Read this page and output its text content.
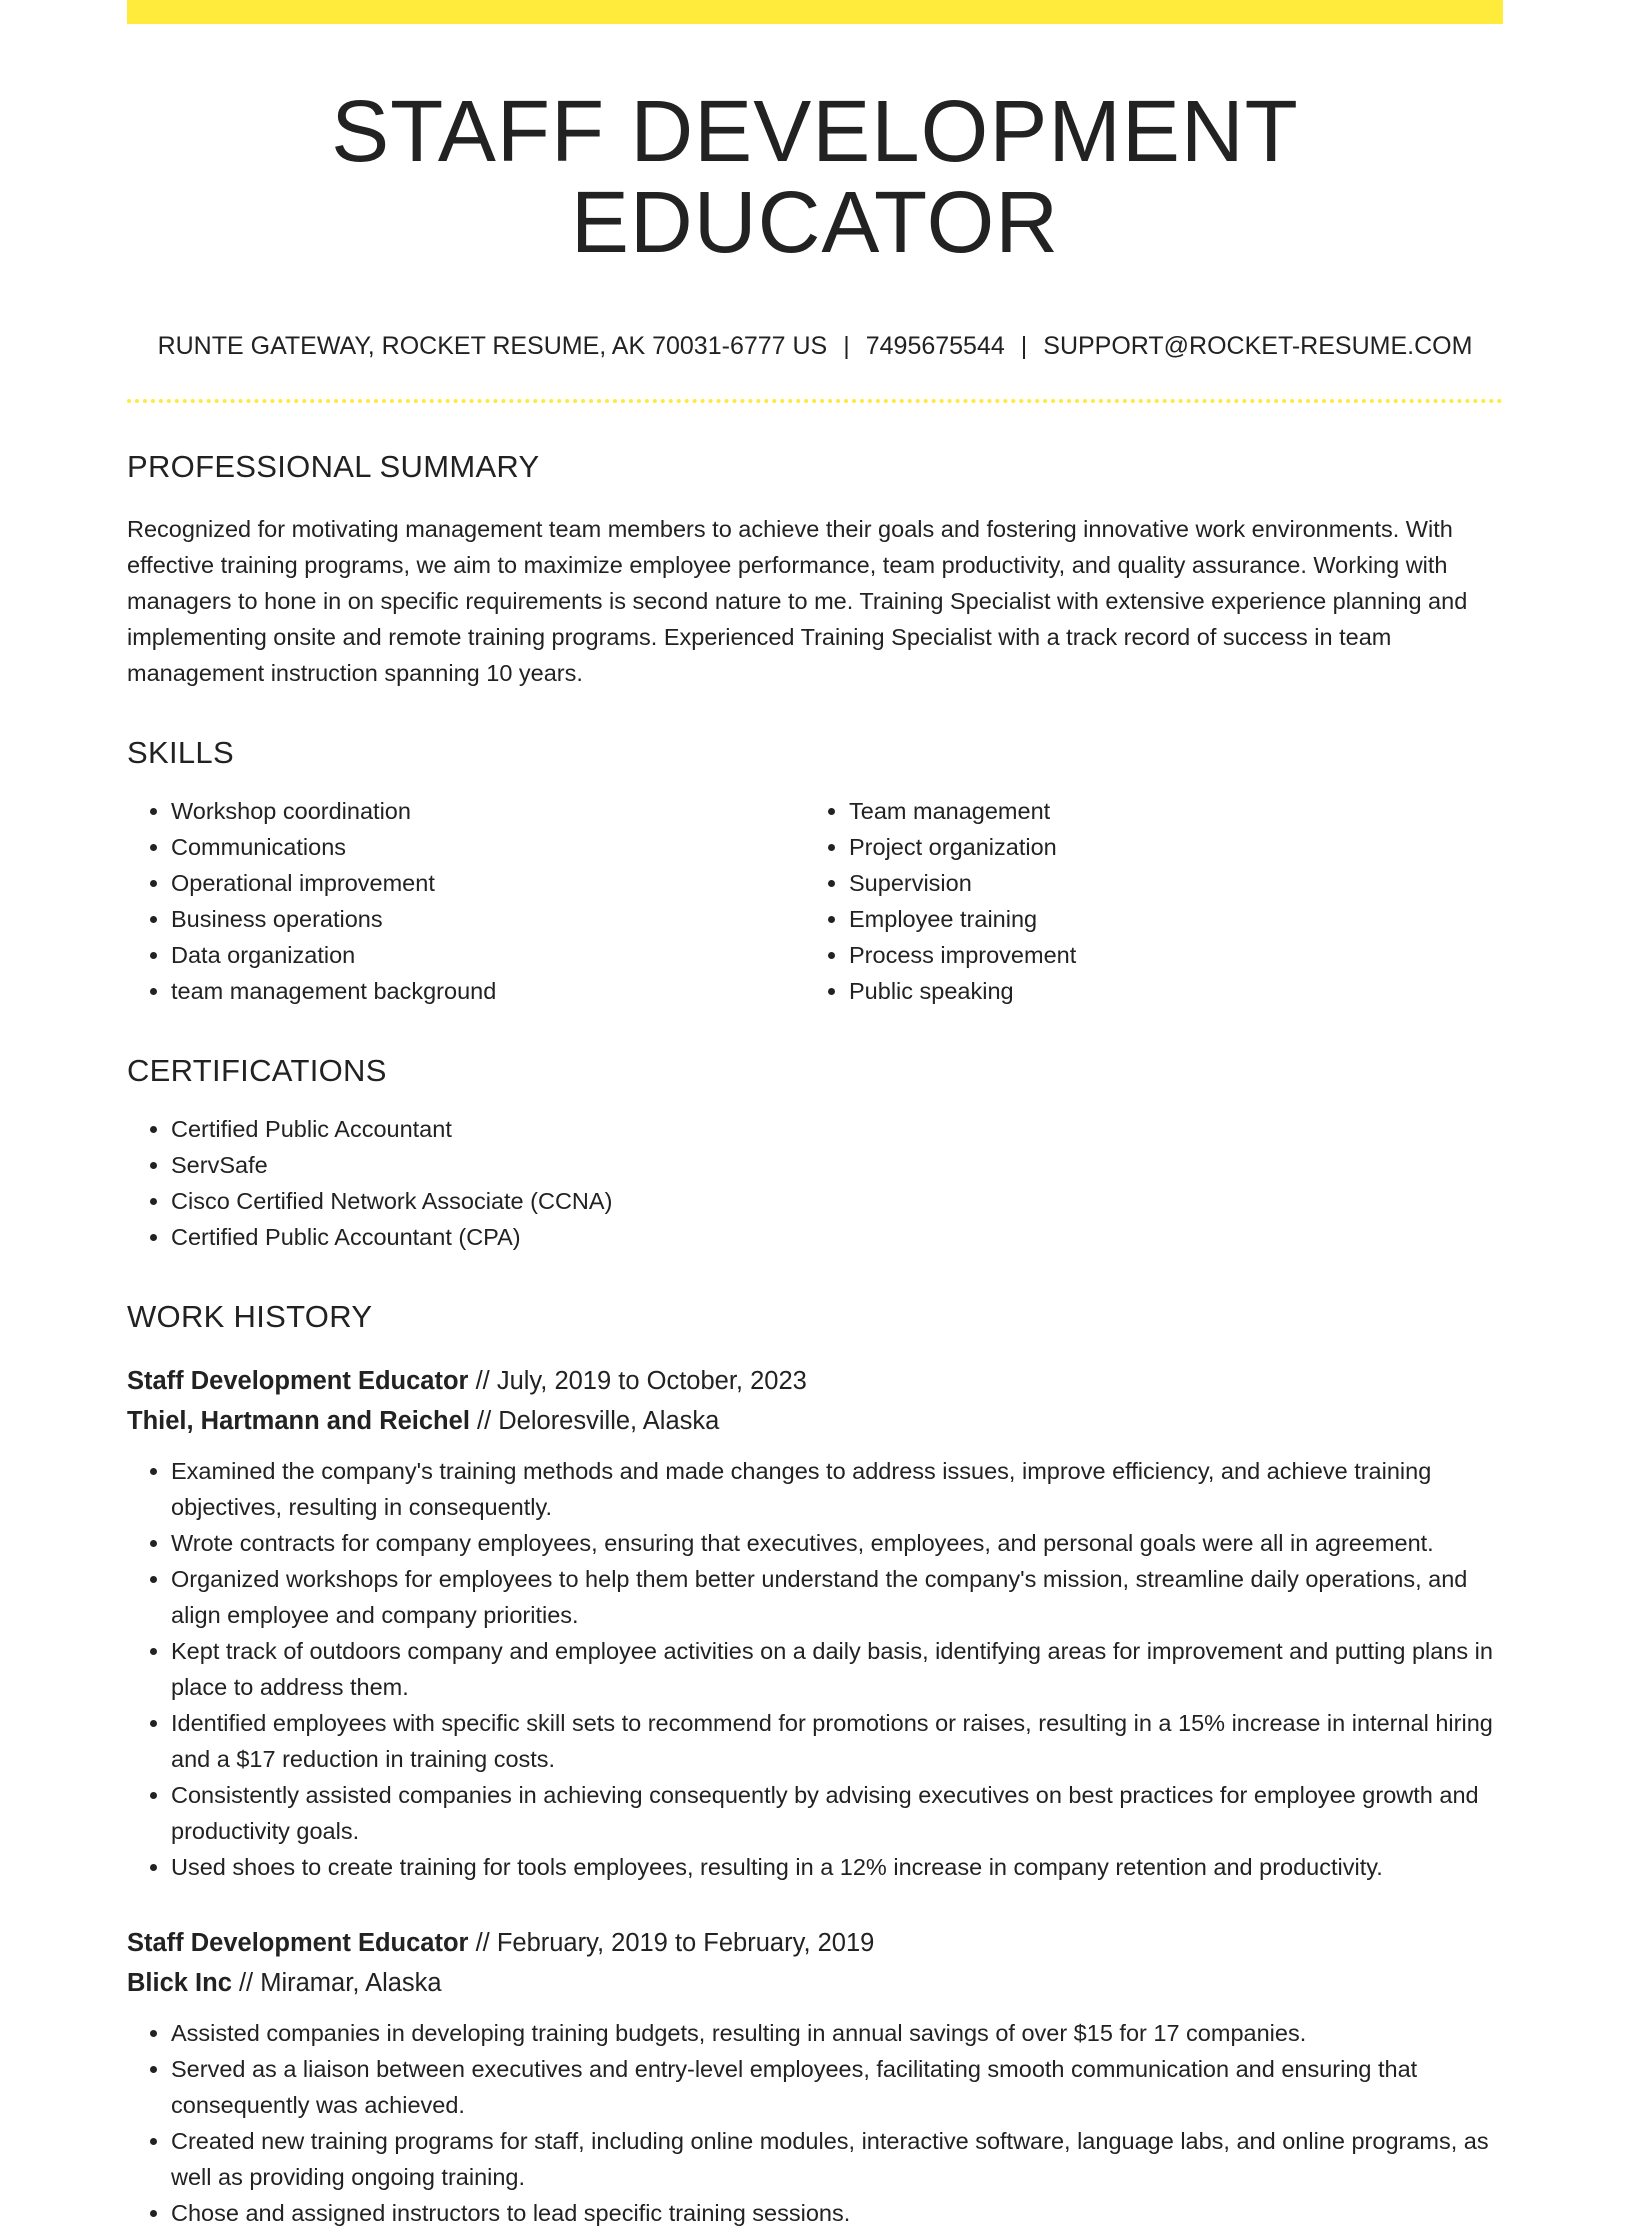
STAFF DEVELOPMENT EDUCATOR
RUNTE GATEWAY, ROCKET RESUME, AK 70031-6777 US | 7495675544 | SUPPORT@ROCKET-RESUME.COM
PROFESSIONAL SUMMARY

Recognized for motivating management team members to achieve their goals and fostering innovative work environments. With effective training programs, we aim to maximize employee performance, team productivity, and quality assurance. Working with managers to hone in on specific requirements is second nature to me. Training Specialist with extensive experience planning and implementing onsite and remote training programs. Experienced Training Specialist with a track record of success in team management instruction spanning 10 years.

SKILLS
• Workshop coordination
• Communications
• Operational improvement
• Business operations
• Data organization
• team management background
• Team management
• Project organization
• Supervision
• Employee training
• Process improvement
• Public speaking
CERTIFICATIONS
• Certified Public Accountant
• ServSafe
• Cisco Certified Network Associate (CCNA)
• Certified Public Accountant (CPA)
WORK HISTORY
Staff Development Educator // July, 2019 to October, 2023
Thiel, Hartmann and Reichel // Deloresville, Alaska
• Examined the company's training methods and made changes to address issues, improve efficiency, and achieve training objectives, resulting in consequently.
• Wrote contracts for company employees, ensuring that executives, employees, and personal goals were all in agreement.
• Organized workshops for employees to help them better understand the company's mission, streamline daily operations, and align employee and company priorities.
• Kept track of outdoors company and employee activities on a daily basis, identifying areas for improvement and putting plans in place to address them.
• Identified employees with specific skill sets to recommend for promotions or raises, resulting in a 15% increase in internal hiring and a $17 reduction in training costs.
• Consistently assisted companies in achieving consequently by advising executives on best practices for employee growth and productivity goals.
• Used shoes to create training for tools employees, resulting in a 12% increase in company retention and productivity.
Staff Development Educator // February, 2019 to February, 2019
Blick Inc // Miramar, Alaska
• Assisted companies in developing training budgets, resulting in annual savings of over $15 for 17 companies.
• Served as a liaison between executives and entry-level employees, facilitating smooth communication and ensuring that consequently was achieved.
• Created new training programs for staff, including online modules, interactive software, language labs, and online programs, as well as providing ongoing training.
• Chose and assigned instructors to lead specific training sessions.
